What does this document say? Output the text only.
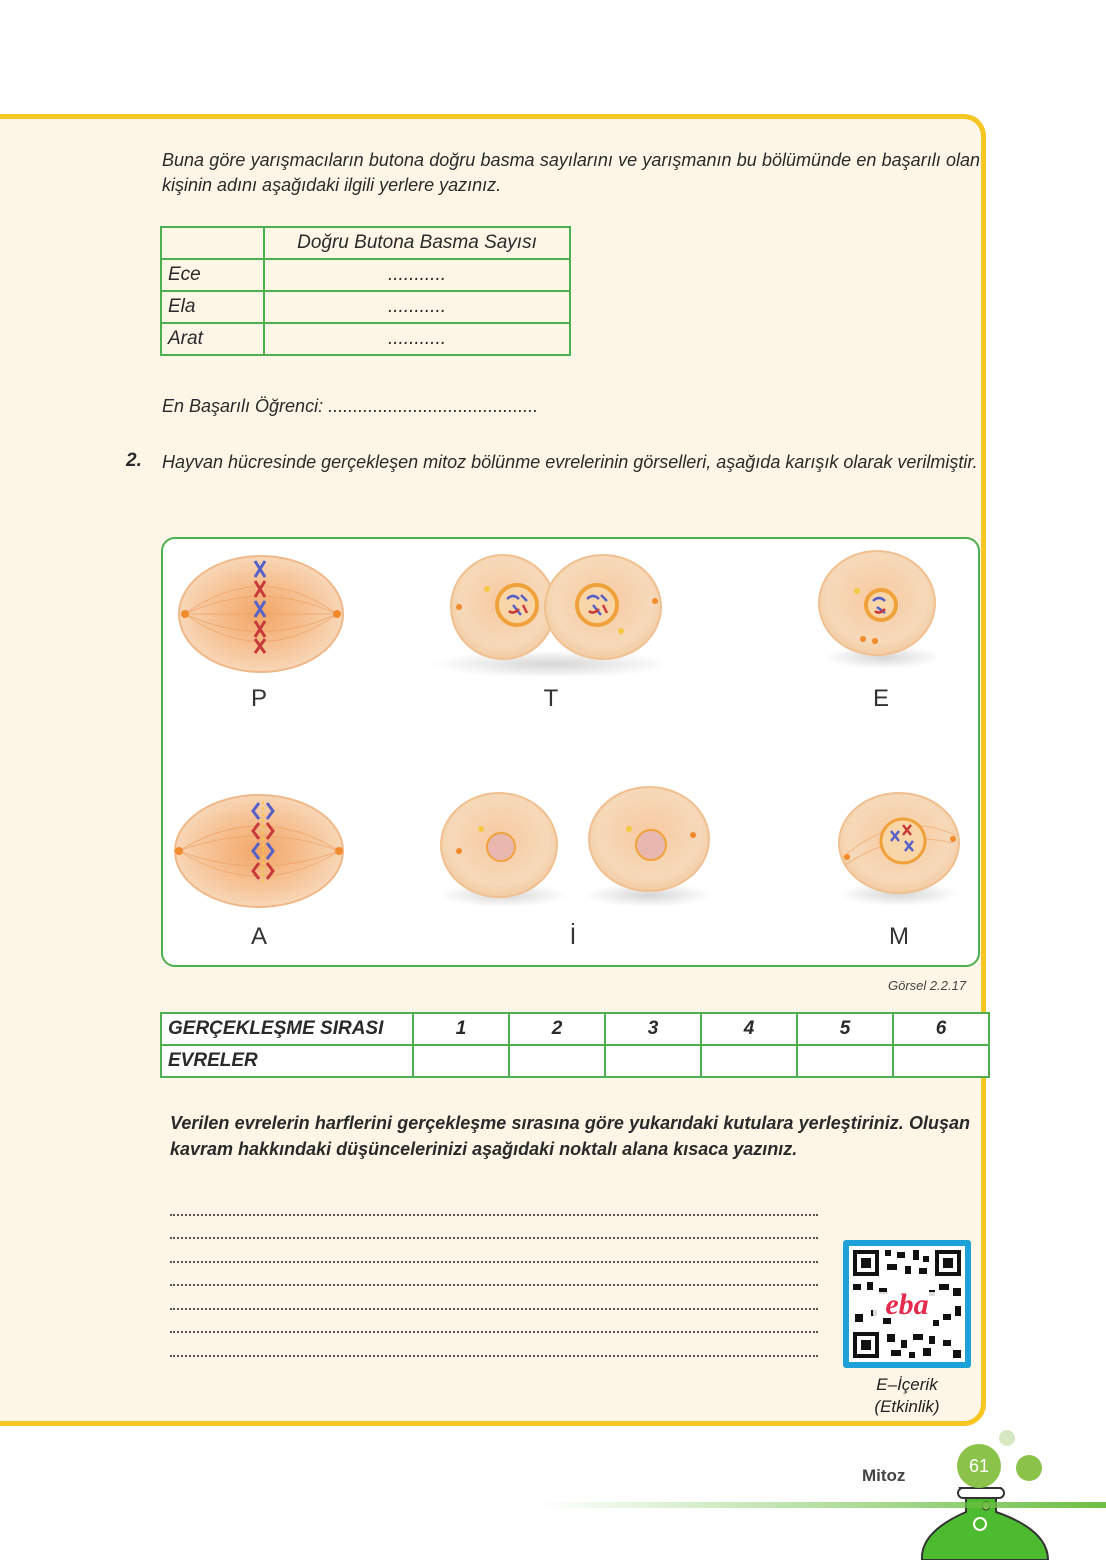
Buna göre yarışmacıların butona doğru basma sayılarını ve yarışmanın bu bölümünde en başarılı olan kişinin adını aşağıdaki ilgili yerlere yazınız.
	Doğru Butona Basma Sayısı
Ece	...........
Ela	...........
Arat	...........
En Başarılı Öğrenci: ..........................................
2. Hayvan hücresinde gerçekleşen mitoz bölünme evrelerinin görselleri, aşağıda karışık olarak verilmiştir.
P	T	E
A	İ	M
Görsel 2.2.17
GERÇEKLEŞME SIRASI	1	2	3	4	5	6
EVRELER						
Verilen evrelerin harflerini gerçekleşme sırasına göre yukarıdaki kutulara yerleştiriniz. Oluşan kavram hakkındaki düşüncelerinizi aşağıdaki noktalı alana kısaca yazınız.
eba
E–İçerik
(Etkinlik)
Mitoz	61
